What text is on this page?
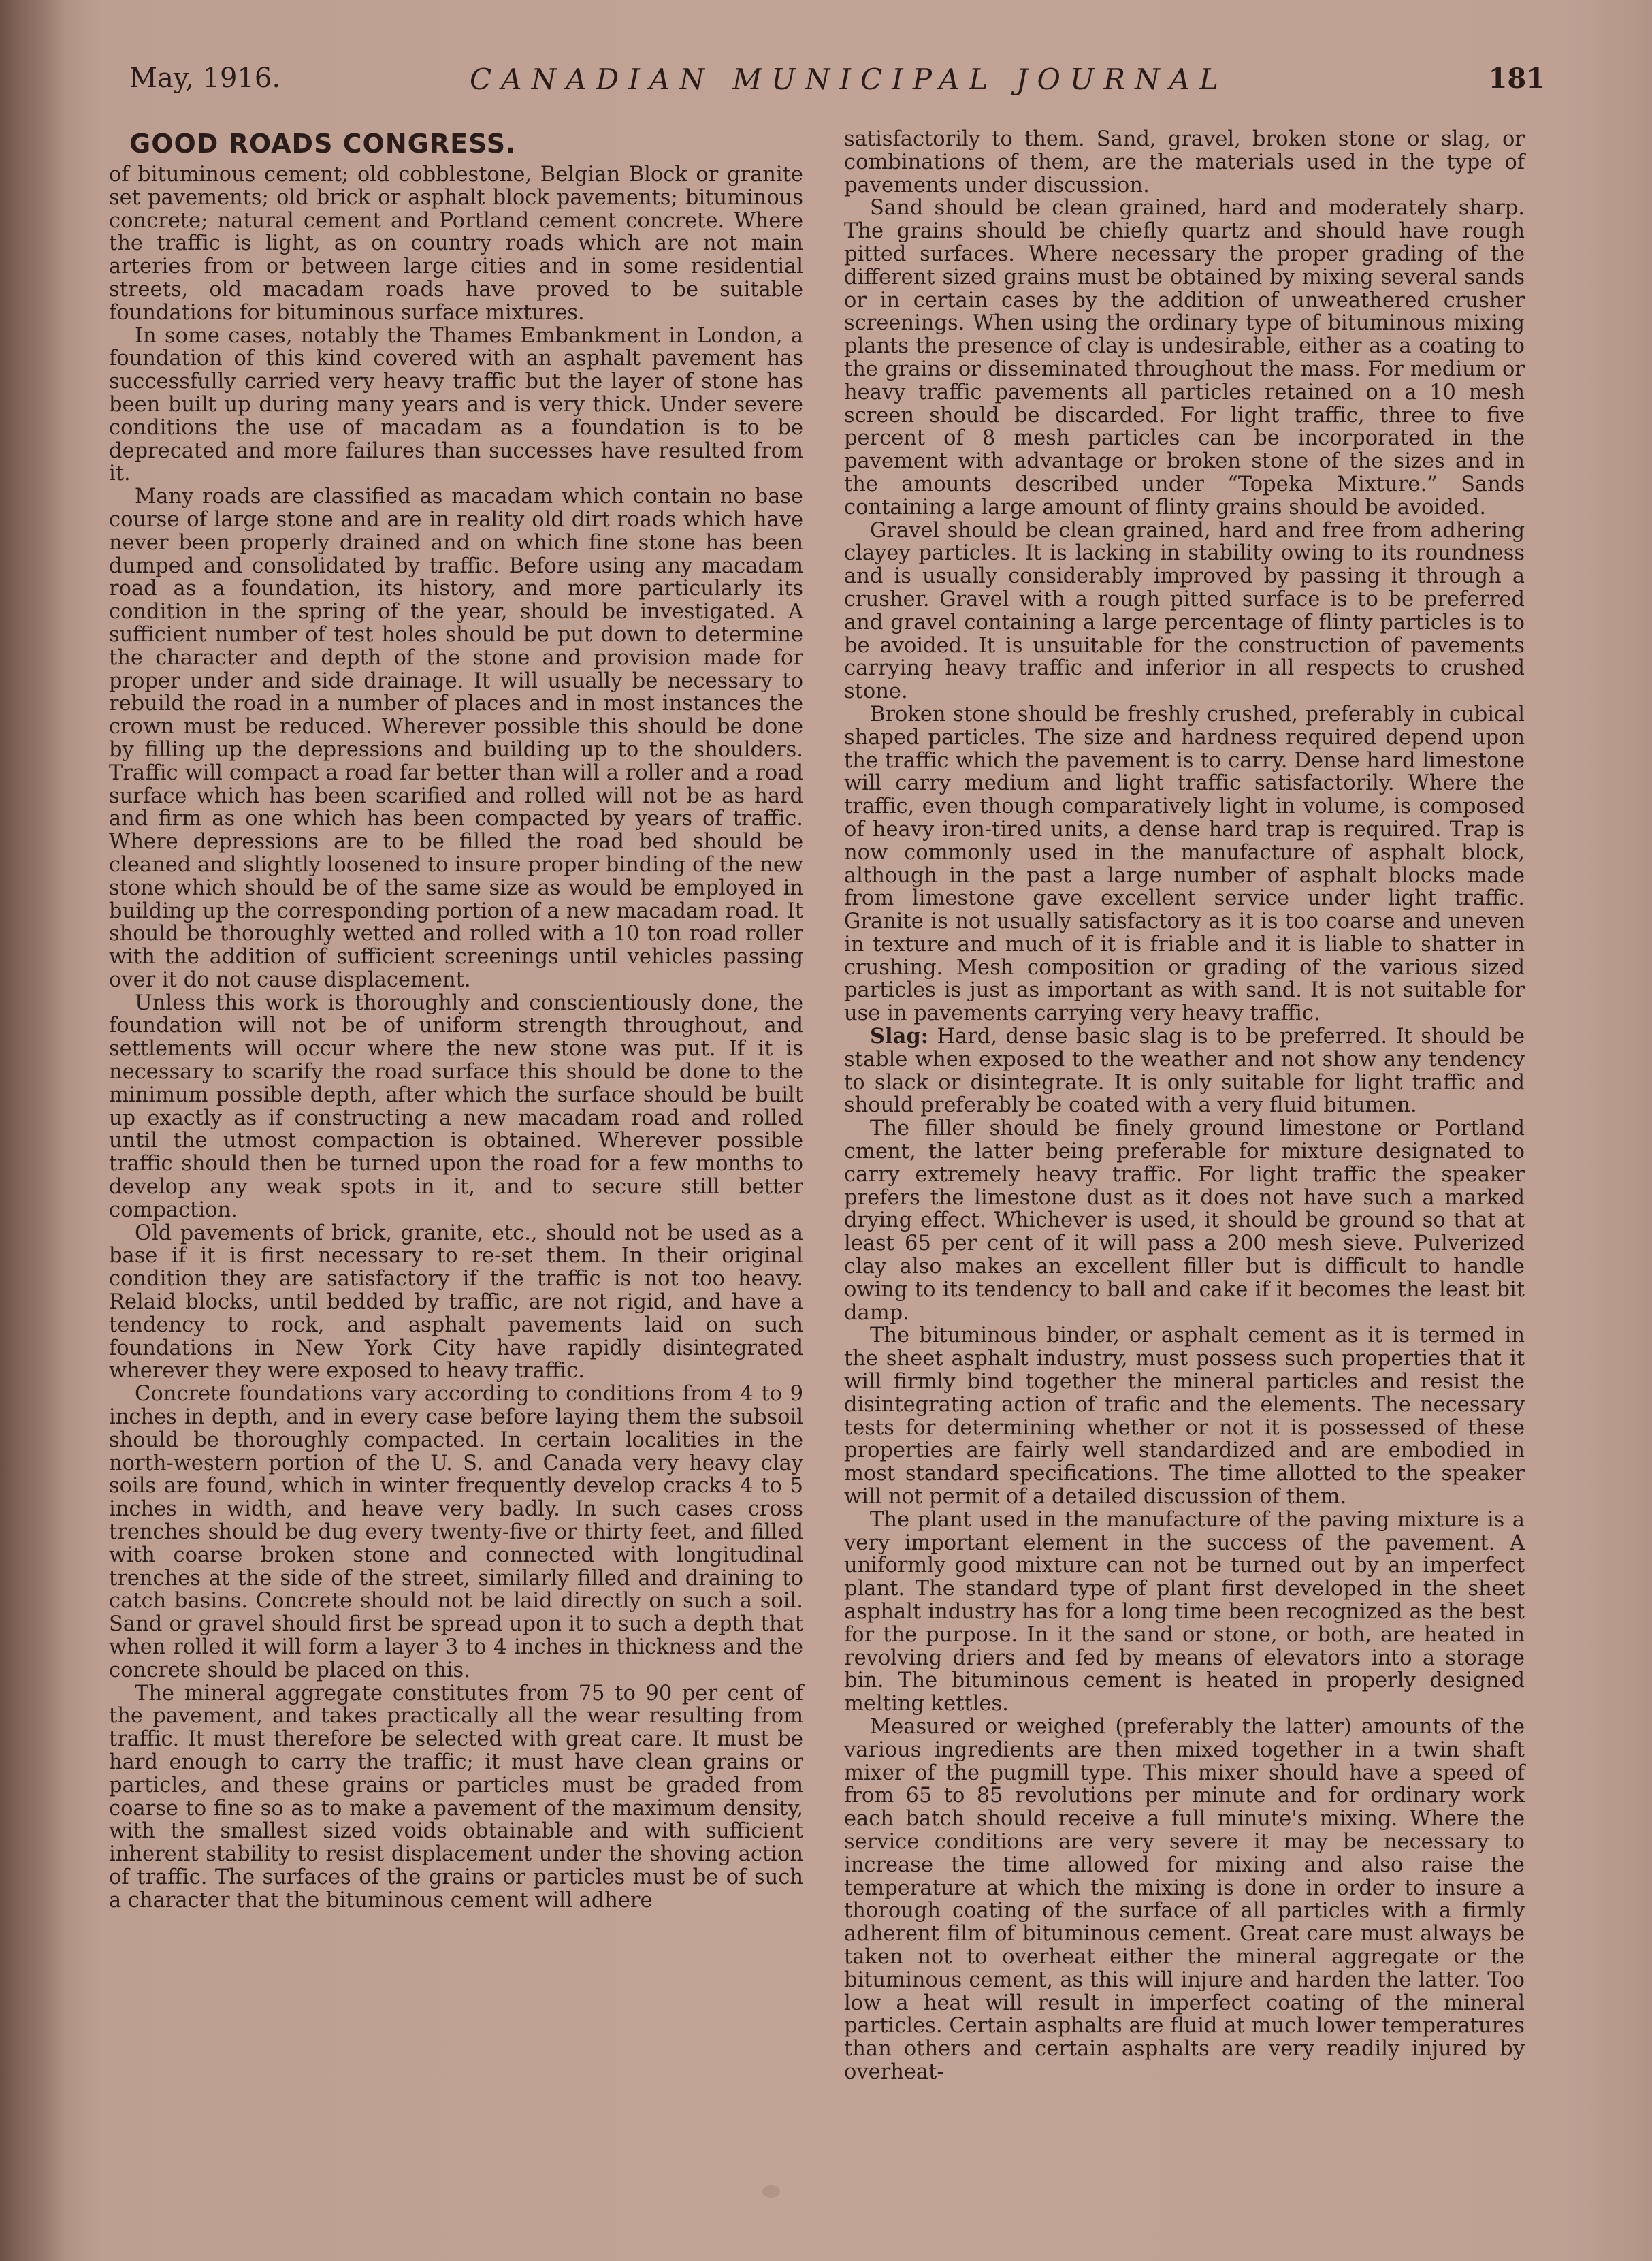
May, 1916.	CANADIAN MUNICIPAL JOURNAL	181
GOOD ROADS CONGRESS.

of bituminous cement; old cobblestone, Belgian Block or granite set pavements; old brick or asphalt block pavements; bituminous concrete; natural cement and Portland cement concrete. Where the traffic is light, as on country roads which are not main arteries from or between large cities and in some residential streets, old macadam roads have proved to be suitable foundations for bituminous surface mixtures.

In some cases, notably the Thames Embankment in London, a foundation of this kind covered with an asphalt pavement has successfully carried very heavy traffic but the layer of stone has been built up during many years and is very thick. Under severe conditions the use of macadam as a foundation is to be deprecated and more failures than successes have resulted from it.

Many roads are classified as macadam which contain no base course of large stone and are in reality old dirt roads which have never been properly drained and on which fine stone has been dumped and consolidated by traffic. Before using any macadam road as a foundation, its history, and more particularly its condition in the spring of the year, should be investigated. A sufficient number of test holes should be put down to determine the character and depth of the stone and provision made for proper under and side drainage. It will usually be necessary to rebuild the road in a number of places and in most instances the crown must be reduced. Wherever possible this should be done by filling up the depressions and building up to the shoulders. Traffic will compact a road far better than will a roller and a road surface which has been scarified and rolled will not be as hard and firm as one which has been compacted by years of traffic. Where depressions are to be filled the road bed should be cleaned and slightly loosened to insure proper binding of the new stone which should be of the same size as would be employed in building up the corresponding portion of a new macadam road. It should be thoroughly wetted and rolled with a 10 ton road roller with the addition of sufficient screenings until vehicles passing over it do not cause displacement.

Unless this work is thoroughly and conscientiously done, the foundation will not be of uniform strength throughout, and settlements will occur where the new stone was put. If it is necessary to scarify the road surface this should be done to the minimum possible depth, after which the surface should be built up exactly as if constructing a new macadam road and rolled until the utmost compaction is obtained. Wherever possible traffic should then be turned upon the road for a few months to develop any weak spots in it, and to secure still better compaction.

Old pavements of brick, granite, etc., should not be used as a base if it is first necessary to re-set them. In their original condition they are satisfactory if the traffic is not too heavy. Relaid blocks, until bedded by traffic, are not rigid, and have a tendency to rock, and asphalt pavements laid on such foundations in New York City have rapidly disintegrated wherever they were exposed to heavy traffic.

Concrete foundations vary according to conditions from 4 to 9 inches in depth, and in every case before laying them the subsoil should be thoroughly compacted. In certain localities in the north-western portion of the U. S. and Canada very heavy clay soils are found, which in winter frequently develop cracks 4 to 5 inches in width, and heave very badly. In such cases cross trenches should be dug every twenty-five or thirty feet, and filled with coarse broken stone and connected with longitudinal trenches at the side of the street, similarly filled and draining to catch basins. Concrete should not be laid directly on such a soil. Sand or gravel should first be spread upon it to such a depth that when rolled it will form a layer 3 to 4 inches in thickness and the concrete should be placed on this.

The mineral aggregate constitutes from 75 to 90 per cent of the pavement, and takes practically all the wear resulting from traffic. It must therefore be selected with great care. It must be hard enough to carry the traffic; it must have clean grains or particles, and these grains or particles must be graded from coarse to fine so as to make a pavement of the maximum density, with the smallest sized voids obtainable and with sufficient inherent stability to resist displacement under the shoving action of traffic. The surfaces of the grains or particles must be of such a character that the bituminous cement will adhere

satisfactorily to them. Sand, gravel, broken stone or slag, or combinations of them, are the materials used in the type of pavements under discussion.

Sand should be clean grained, hard and moderately sharp. The grains should be chiefly quartz and should have rough pitted surfaces. Where necessary the proper grading of the different sized grains must be obtained by mixing several sands or in certain cases by the addition of unweathered crusher screenings. When using the ordinary type of bituminous mixing plants the presence of clay is undesirable, either as a coating to the grains or disseminated throughout the mass. For medium or heavy traffic pavements all particles retained on a 10 mesh screen should be discarded. For light traffic, three to five percent of 8 mesh particles can be incorporated in the pavement with advantage or broken stone of the sizes and in the amounts described under “Topeka Mixture.” Sands containing a large amount of flinty grains should be avoided.

Gravel should be clean grained, hard and free from adhering clayey particles. It is lacking in stability owing to its roundness and is usually considerably improved by passing it through a crusher. Gravel with a rough pitted surface is to be preferred and gravel containing a large percentage of flinty particles is to be avoided. It is unsuitable for the construction of pavements carrying heavy traffic and inferior in all respects to crushed stone.

Broken stone should be freshly crushed, preferably in cubical shaped particles. The size and hardness required depend upon the traffic which the pavement is to carry. Dense hard limestone will carry medium and light traffic satisfactorily. Where the traffic, even though comparatively light in volume, is composed of heavy iron-tired units, a dense hard trap is required. Trap is now commonly used in the manufacture of asphalt block, although in the past a large number of asphalt blocks made from limestone gave excellent service under light traffic. Granite is not usually satisfactory as it is too coarse and uneven in texture and much of it is friable and it is liable to shatter in crushing. Mesh composition or grading of the various sized particles is just as important as with sand. It is not suitable for use in pavements carrying very heavy traffic.

Slag: Hard, dense basic slag is to be preferred. It should be stable when exposed to the weather and not show any tendency to slack or disintegrate. It is only suitable for light traffic and should preferably be coated with a very fluid bitumen.

The filler should be finely ground limestone or Portland cment, the latter being preferable for mixture designated to carry extremely heavy traffic. For light traffic the speaker prefers the limestone dust as it does not have such a marked drying effect. Whichever is used, it should be ground so that at least 65 per cent of it will pass a 200 mesh sieve. Pulverized clay also makes an excellent filler but is difficult to handle owing to its tendency to ball and cake if it becomes the least bit damp.

The bituminous binder, or asphalt cement as it is termed in the sheet asphalt industry, must possess such properties that it will firmly bind together the mineral particles and resist the disintegrating action of trafic and the elements. The necessary tests for determining whether or not it is possessed of these properties are fairly well standardized and are embodied in most standard specifications. The time allotted to the speaker will not permit of a detailed discussion of them.

The plant used in the manufacture of the paving mixture is a very important element in the success of the pavement. A uniformly good mixture can not be turned out by an imperfect plant. The standard type of plant first developed in the sheet asphalt industry has for a long time been recognized as the best for the purpose. In it the sand or stone, or both, are heated in revolving driers and fed by means of elevators into a storage bin. The bituminous cement is heated in properly designed melting kettles.

Measured or weighed (preferably the latter) amounts of the various ingredients are then mixed together in a twin shaft mixer of the pugmill type. This mixer should have a speed of from 65 to 85 revolutions per minute and for ordinary work each batch should receive a full minute's mixing. Where the service conditions are very severe it may be necessary to increase the time allowed for mixing and also raise the temperature at which the mixing is done in order to insure a thorough coating of the surface of all particles with a firmly adherent film of bituminous cement. Great care must always be taken not to overheat either the mineral aggregate or the bituminous cement, as this will injure and harden the latter. Too low a heat will result in imperfect coating of the mineral particles. Certain asphalts are fluid at much lower temperatures than others and certain asphalts are very readily injured by overheat-
